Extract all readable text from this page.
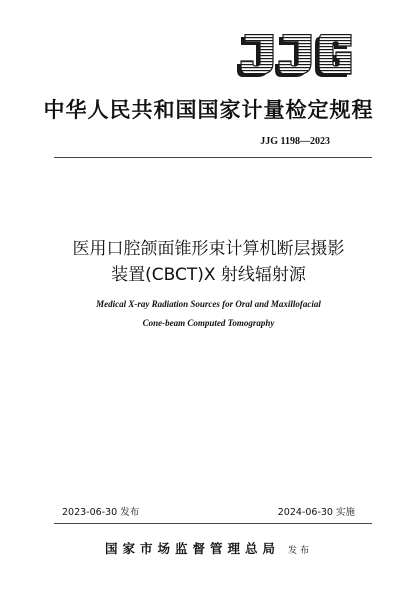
中华人民共和国国家计量检定规程
JJG 1198—2023
医用口腔颌面锥形束计算机断层摄影
装置(CBCT)X 射线辐射源
Medical X-ray Radiation Sources for Oral and Maxillofacial
Cone-beam Computed Tomography
2023-06-30 发布	2024-06-30 实施
国家市场监督管理总局 发布
